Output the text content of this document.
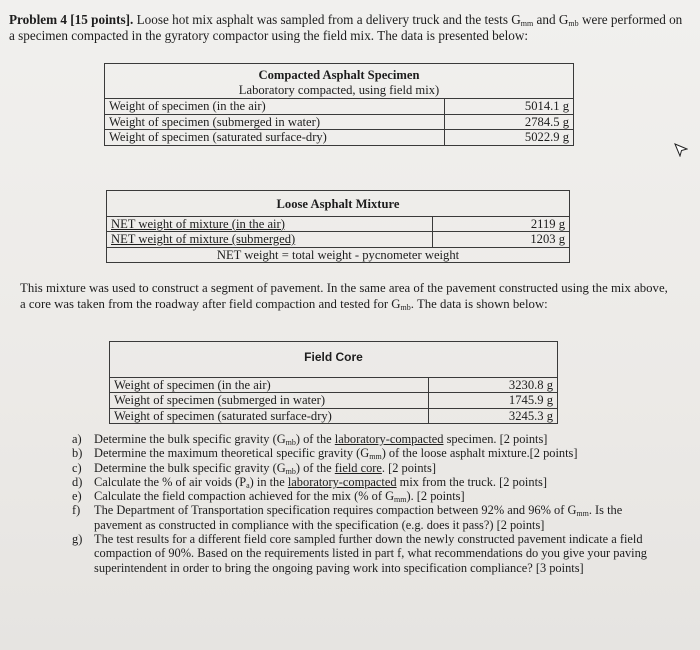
Problem 4 [15 points]. Loose hot mix asphalt was sampled from a delivery truck and the tests $G_{mm}$ and $G_{mb}$ were performed on a specimen compacted in the gyratory compactor using the field mix. The data is presented below:
Compacted Asphalt Specimen	
Laboratory compacted, using field mix)	
Weight of specimen (in the air)	5014.1 g
Weight of specimen (submerged in water)	2784.5 g
Weight of specimen (saturated surface-dry)	5022.9 g
Loose Asphalt Mixture	
NET weight of mixture (in the air)	2119 g
NET weight of mixture (submerged)	1203 g
NET weight = total weight - pycnometer weight	
This mixture was used to construct a segment of pavement. In the same area of the pavement constructed using the mix above, a core was taken from the roadway after field compaction and tested for $G_{mb}$. The data is shown below:
Field Core	
Weight of specimen (in the air)	3230.8 g
Weight of specimen (submerged in water)	1745.9 g
Weight of specimen (saturated surface-dry)	3245.3 g
a) Determine the bulk specific gravity $(G_{mb})$ of the laboratory-compacted specimen. [2 points]
b) Determine the maximum theoretical specific gravity $(G_{mm})$ of the loose asphalt mixture.[2 points]
c) Determine the bulk specific gravity $(G_{mb})$ of the field core. [2 points]
d) Calculate the % of air voids $(P_a)$ in the laboratory-compacted mix from the truck. [2 points]
e) Calculate the field compaction achieved for the mix (% of $G_{mm}$). [2 points]
f)	The Department of Transportation specification requires compaction between 92% and 96% of $G_{mm}$. Is the pavement as constructed in compliance with the specification (e.g. does it pass?) [2 points]
g) The test results for a different field core sampled further down the newly constructed pavement indicate a field compaction of 90%. Based on the requirements listed in part f, what recommendations do you give your paving superintendent in order to bring the ongoing paving work into specification compliance? [3 points]
